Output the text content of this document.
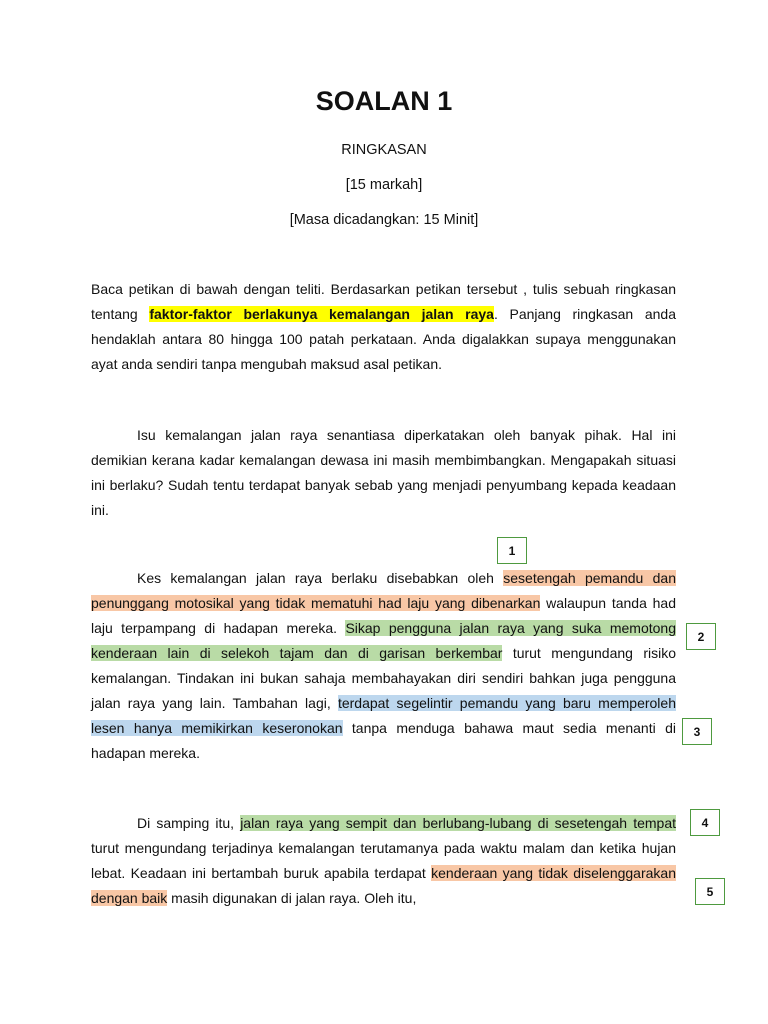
SOALAN 1

RINGKASAN

[15 markah]

[Masa dicadangkan: 15 Minit]

Baca petikan di bawah dengan teliti. Berdasarkan petikan tersebut , tulis sebuah ringkasan tentang faktor-faktor berlakunya kemalangan jalan raya. Panjang ringkasan anda hendaklah antara 80 hingga 100 patah perkataan. Anda digalakkan supaya menggunakan ayat anda sendiri tanpa mengubah maksud asal petikan.

Isu kemalangan jalan raya senantiasa diperkatakan oleh banyak pihak. Hal ini demikian kerana kadar kemalangan dewasa ini masih membimbangkan. Mengapakah situasi ini berlaku? Sudah tentu terdapat banyak sebab yang menjadi penyumbang kepada keadaan ini.

1

Kes kemalangan jalan raya berlaku disebabkan oleh sesetengah pemandu dan penunggang motosikal yang tidak mematuhi had laju yang dibenarkan walaupun tanda had laju terpampang di hadapan mereka. Sikap pengguna jalan raya yang suka memotong kenderaan lain di selekoh tajam dan di garisan berkembar turut mengundang risiko kemalangan. Tindakan ini bukan sahaja membahayakan diri sendiri bahkan juga pengguna jalan raya yang lain. Tambahan lagi, terdapat segelintir pemandu yang baru memperoleh lesen hanya memikirkan keseronokan tanpa menduga bahawa maut sedia menanti di hadapan mereka.

2
3

Di samping itu, jalan raya yang sempit dan berlubang-lubang di sesetengah tempat turut mengundang terjadinya kemalangan terutamanya pada waktu malam dan ketika hujan lebat. Keadaan ini bertambah buruk apabila terdapat kenderaan yang tidak diselenggarakan dengan baik masih digunakan di jalan raya. Oleh itu,

4
5
